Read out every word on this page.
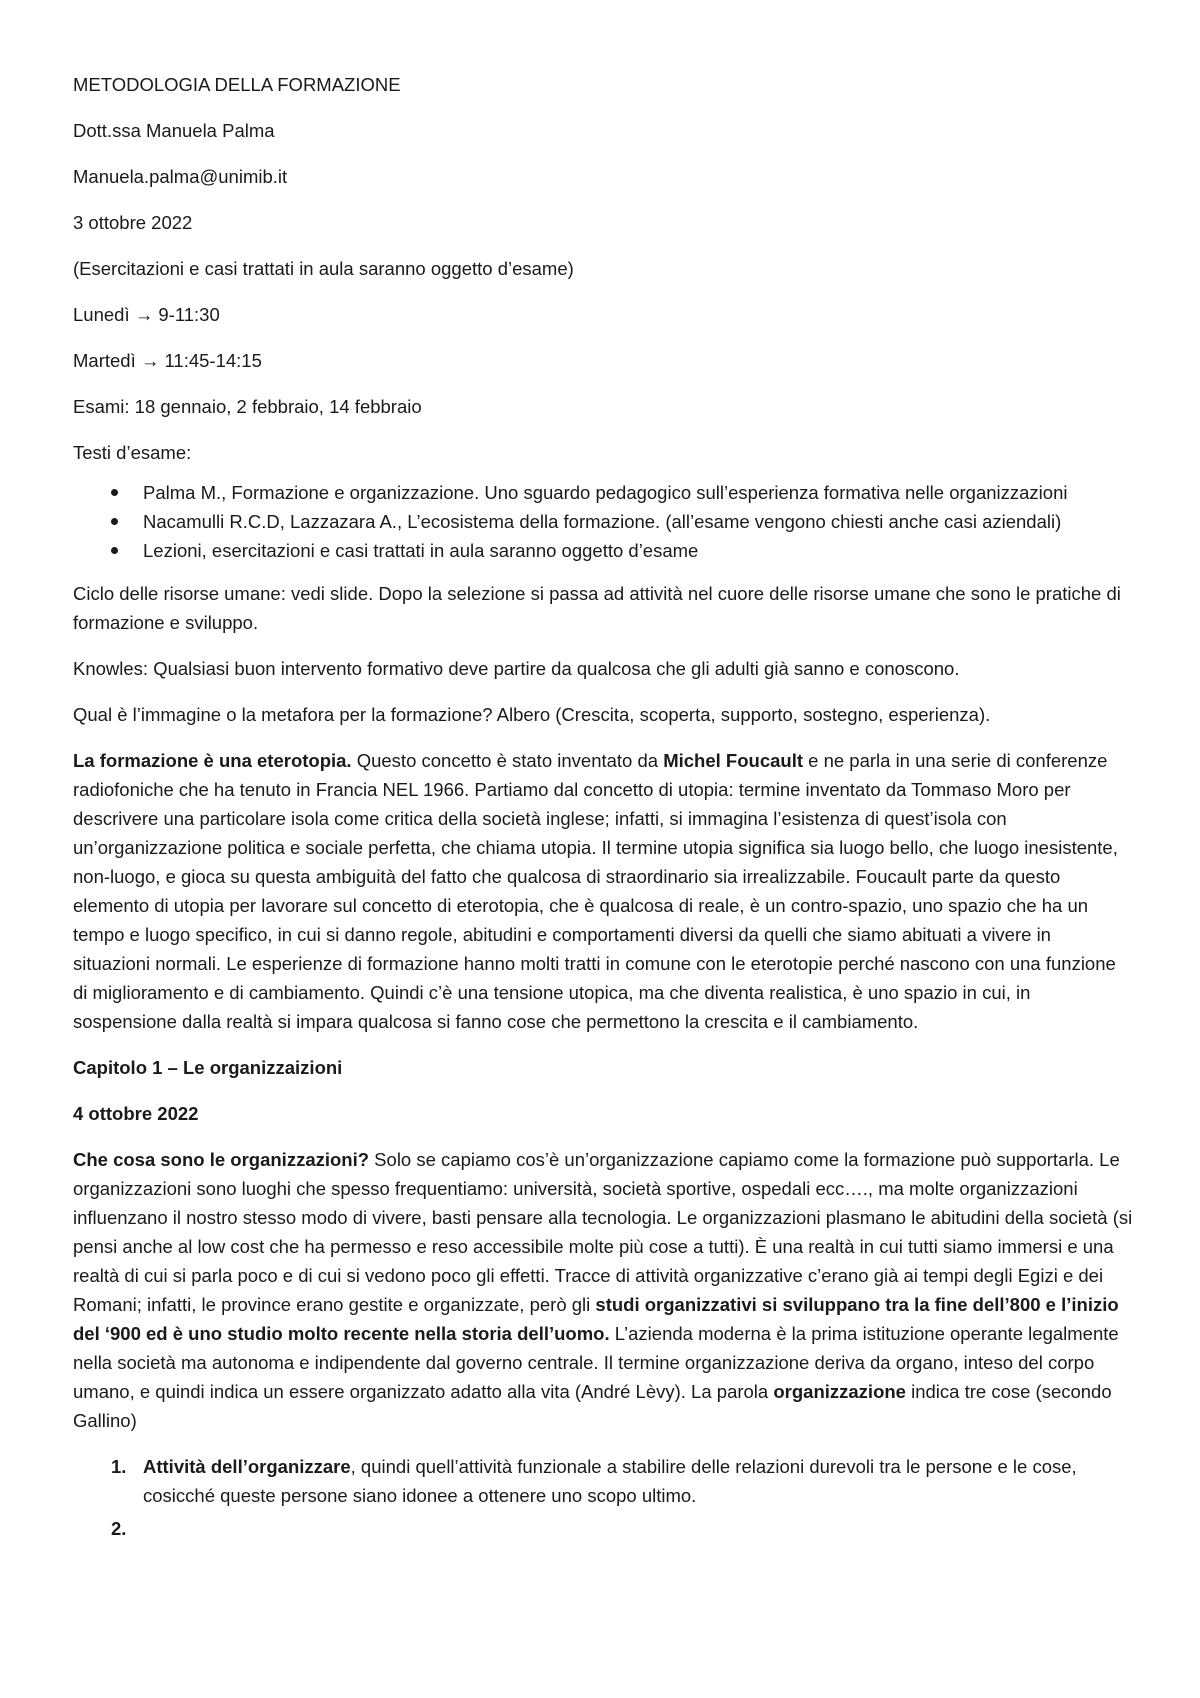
METODOLOGIA DELLA FORMAZIONE

Dott.ssa Manuela Palma

Manuela.palma@unimib.it

3 ottobre 2022

(Esercitazioni e casi trattati in aula saranno oggetto d’esame)

Lunedì → 9-11:30

Martedì → 11:45-14:15

Esami: 18 gennaio, 2 febbraio, 14 febbraio

Testi d’esame:

Palma M., Formazione e organizzazione. Uno sguardo pedagogico sull’esperienza formativa nelle organizzazioni
Nacamulli R.C.D, Lazzazara A., L’ecosistema della formazione. (all’esame vengono chiesti anche casi aziendali)
Lezioni, esercitazioni e casi trattati in aula saranno oggetto d’esame

Ciclo delle risorse umane: vedi slide. Dopo la selezione si passa ad attività nel cuore delle risorse umane che sono le pratiche di formazione e sviluppo.

Knowles: Qualsiasi buon intervento formativo deve partire da qualcosa che gli adulti già sanno e conoscono.

Qual è l’immagine o la metafora per la formazione? Albero (Crescita, scoperta, supporto, sostegno, esperienza).

La formazione è una eterotopia. Questo concetto è stato inventato da Michel Foucault e ne parla in una serie di conferenze radiofoniche che ha tenuto in Francia NEL 1966. Partiamo dal concetto di utopia: termine inventato da Tommaso Moro per descrivere una particolare isola come critica della società inglese; infatti, si immagina l’esistenza di quest’isola con un’organizzazione politica e sociale perfetta, che chiama utopia. Il termine utopia significa sia luogo bello, che luogo inesistente, non-luogo, e gioca su questa ambiguità del fatto che qualcosa di straordinario sia irrealizzabile. Foucault parte da questo elemento di utopia per lavorare sul concetto di eterotopia, che è qualcosa di reale, è un contro-spazio, uno spazio che ha un tempo e luogo specifico, in cui si danno regole, abitudini e comportamenti diversi da quelli che siamo abituati a vivere in situazioni normali. Le esperienze di formazione hanno molti tratti in comune con le eterotopie perché nascono con una funzione di miglioramento e di cambiamento. Quindi c’è una tensione utopica, ma che diventa realistica, è uno spazio in cui, in sospensione dalla realtà si impara qualcosa si fanno cose che permettono la crescita e il cambiamento.

Capitolo 1 – Le organizzaizioni

4 ottobre 2022

Che cosa sono le organizzazioni? Solo se capiamo cos’è un’organizzazione capiamo come la formazione può supportarla. Le organizzazioni sono luoghi che spesso frequentiamo: università, società sportive, ospedali ecc…., ma molte organizzazioni influenzano il nostro stesso modo di vivere, basti pensare alla tecnologia. Le organizzazioni plasmano le abitudini della società (si pensi anche al low cost che ha permesso e reso accessibile molte più cose a tutti). È una realtà in cui tutti siamo immersi e una realtà di cui si parla poco e di cui si vedono poco gli effetti. Tracce di attività organizzative c’erano già ai tempi degli Egizi e dei Romani; infatti, le province erano gestite e organizzate, però gli studi organizzativi si sviluppano tra la fine dell’800 e l’inizio del ‘900 ed è uno studio molto recente nella storia dell’uomo. L’azienda moderna è la prima istituzione operante legalmente nella società ma autonoma e indipendente dal governo centrale. Il termine organizzazione deriva da organo, inteso del corpo umano, e quindi indica un essere organizzato adatto alla vita (André Lèvy). La parola organizzazione indica tre cose (secondo Gallino)

1. Attività dell’organizzare, quindi quell’attività funzionale a stabilire delle relazioni durevoli tra le persone e le cose, cosicché queste persone siano idonee a ottenere uno scopo ultimo.
2.
